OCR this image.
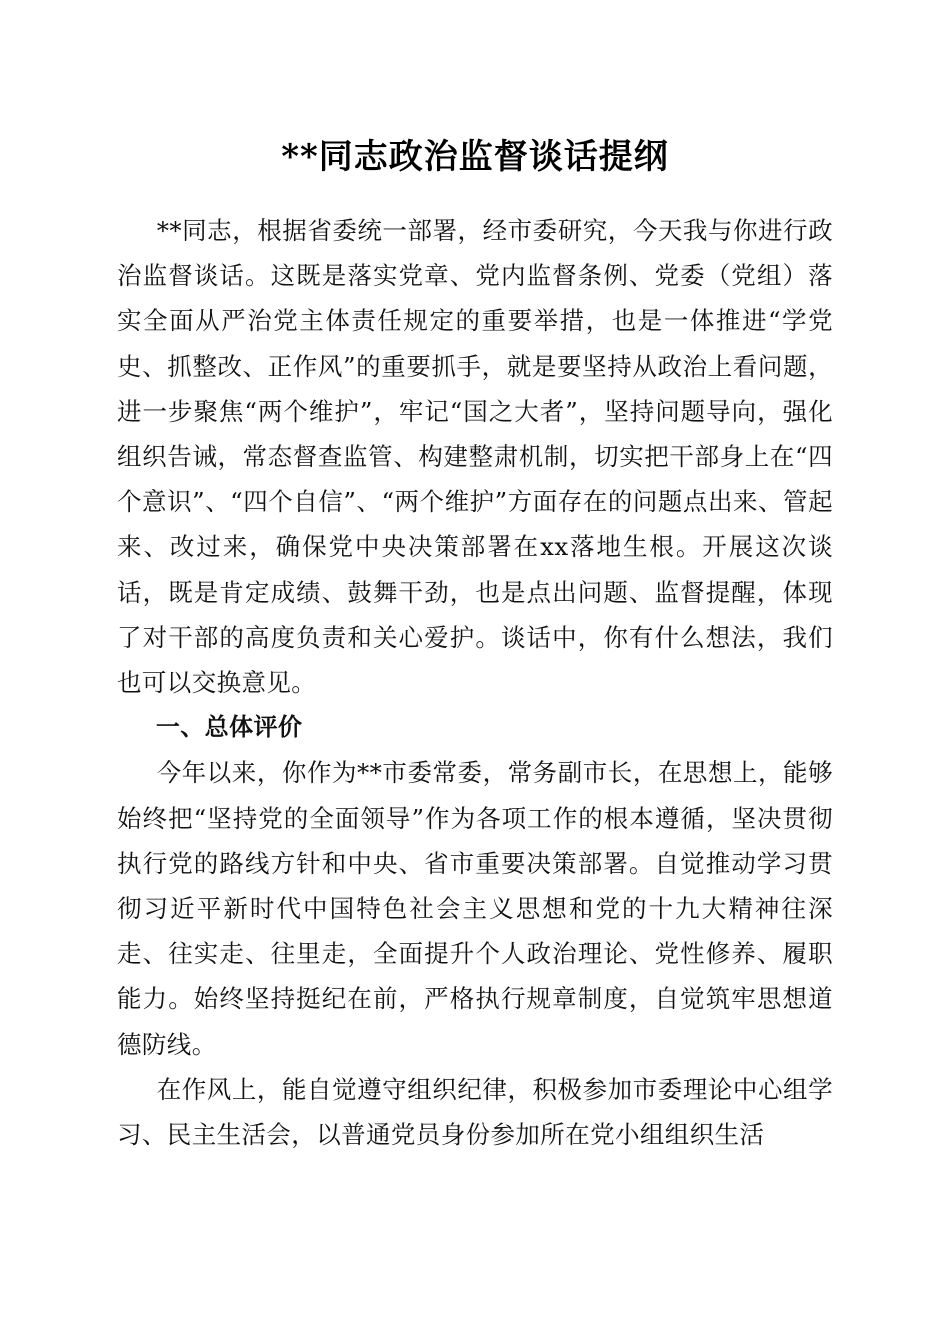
**同志政治监督谈话提纲

**同志，根据省委统一部署，经市委研究，今天我与你进行政治监督谈话。这既是落实党章、党内监督条例、党委（党组）落实全面从严治党主体责任规定的重要举措，也是一体推进“学党史、抓整改、正作风”的重要抓手，就是要坚持从政治上看问题，进一步聚焦“两个维护”，牢记“国之大者”，坚持问题导向，强化组织告诫，常态督查监管、构建整肃机制，切实把干部身上在“四个意识”、“四个自信”、“两个维护”方面存在的问题点出来、管起来、改过来，确保党中央决策部署在xx落地生根。开展这次谈话，既是肯定成绩、鼓舞干劲，也是点出问题、监督提醒，体现了对干部的高度负责和关心爱护。谈话中，你有什么想法，我们也可以交换意见。

一、总体评价

今年以来，你作为**市委常委，常务副市长，在思想上，能够始终把“坚持党的全面领导”作为各项工作的根本遵循，坚决贯彻执行党的路线方针和中央、省市重要决策部署。自觉推动学习贯彻习近平新时代中国特色社会主义思想和党的十九大精神往深走、往实走、往里走，全面提升个人政治理论、党性修养、履职能力。始终坚持挺纪在前，严格执行规章制度，自觉筑牢思想道德防线。

在作风上，能自觉遵守组织纪律，积极参加市委理论中心组学习、民主生活会，以普通党员身份参加所在党小组组织生活
